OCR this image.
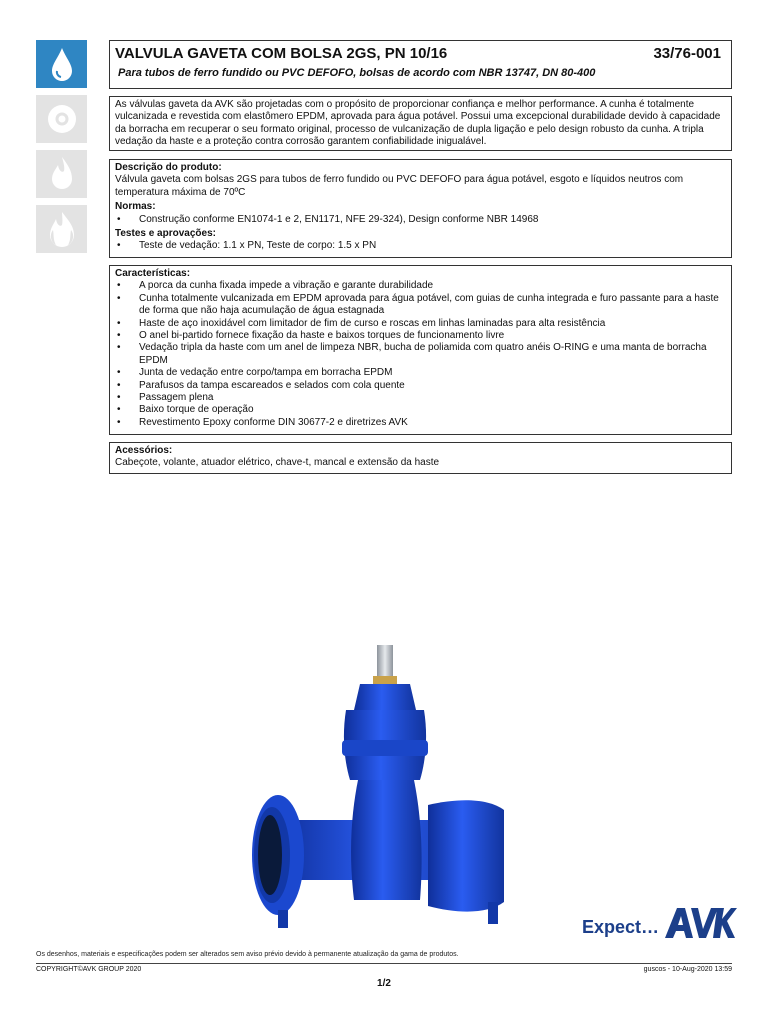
VALVULA GAVETA COM BOLSA 2GS, PN 10/16	33/76-001
Para tubos de ferro fundido ou PVC DEFOFO, bolsas de acordo com NBR 13747, DN 80-400
As válvulas gaveta da AVK são projetadas com o propósito de proporcionar confiança e melhor performance. A cunha é totalmente vulcanizada e revestida com elastômero EPDM, aprovada para água potável. Possui uma excepcional durabilidade devido à capacidade da borracha em recuperar o seu formato original, processo de vulcanização de dupla ligação e pelo design robusto da cunha. A tripla vedação da haste e a proteção contra corrosão garantem confiabilidade inigualável.
Descrição do produto:
Válvula gaveta com bolsas 2GS para tubos de ferro fundido ou PVC DEFOFO para água potável, esgoto e líquidos neutros com temperatura máxima de 70ºC
Normas:
• Construção conforme EN1074-1 e 2, EN1171, NFE 29-324), Design conforme NBR 14968
Testes e aprovações:
• Teste de vedação: 1.1 x PN, Teste de corpo: 1.5 x PN
Características:
• A porca da cunha fixada impede a vibração e garante durabilidade
• Cunha totalmente vulcanizada em EPDM aprovada para água potável, com guias de cunha integrada e furo passante para a haste de forma que não haja acumulação de água estagnada
• Haste de aço inoxidável com limitador de fim de curso e roscas em linhas laminadas para alta resistência
• O anel bi-partido fornece fixação da haste e baixos torques de funcionamento livre
• Vedação tripla da haste com um anel de limpeza NBR, bucha de poliamida com quatro anéis O-RING e uma manta de borracha EPDM
• Junta de vedação entre corpo/tampa em borracha EPDM
• Parafusos da tampa escareados e selados com cola quente
• Passagem plena
• Baixo torque de operação
• Revestimento Epoxy conforme DIN 30677-2 e diretrizes AVK
Acessórios:
Cabeçote, volante, atuador elétrico, chave-t, mancal e extensão da haste
Expect…
Os desenhos, materiais e especificações podem ser alterados sem aviso prévio devido à permanente atualização da gama de produtos.
COPYRIGHT©AVK GROUP 2020	guscos - 10-Aug-2020 13:59
1/2
